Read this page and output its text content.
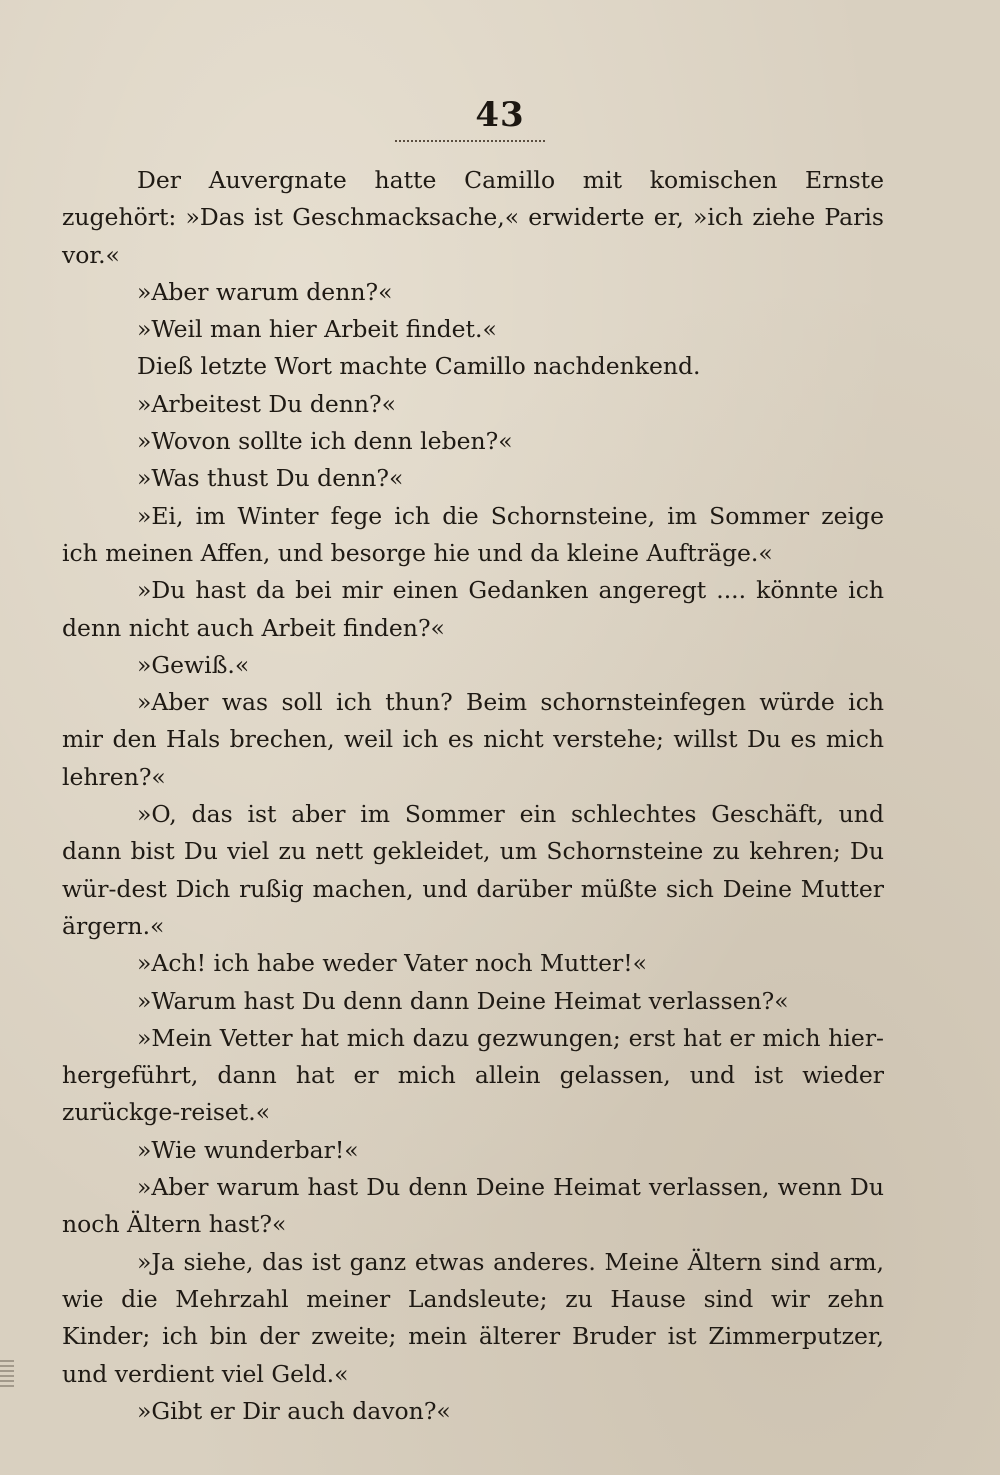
43

Der Auvergnate hatte Camillo mit komischen Ernste zugehört: »Das ist Geschmacksache,« erwiderte er, »ich ziehe Paris vor.«

»Aber warum denn?«

»Weil man hier Arbeit findet.«

Dieß letzte Wort machte Camillo nachdenkend.

»Arbeitest Du denn?«

»Wovon sollte ich denn leben?«

»Was thust Du denn?«

»Ei, im Winter fege ich die Schornsteine, im Sommer zeige ich meinen Affen, und besorge hie und da kleine Aufträge.«

»Du hast da bei mir einen Gedanken angeregt .... könnte ich denn nicht auch Arbeit finden?«

»Gewiß.«

»Aber was soll ich thun? Beim schornsteinfegen würde ich mir den Hals brechen, weil ich es nicht verstehe; willst Du es mich lehren?«

»O, das ist aber im Sommer ein schlechtes Geschäft, und dann bist Du viel zu nett gekleidet, um Schornsteine zu kehren; Du wür-dest Dich rußig machen, und darüber müßte sich Deine Mutter ärgern.«

»Ach! ich habe weder Vater noch Mutter!«

»Warum hast Du denn dann Deine Heimat verlassen?«

»Mein Vetter hat mich dazu gezwungen; erst hat er mich hier-hergeführt, dann hat er mich allein gelassen, und ist wieder zurückge-reiset.«

»Wie wunderbar!«

»Aber warum hast Du denn Deine Heimat verlassen, wenn Du noch Ältern hast?«

»Ja siehe, das ist ganz etwas anderes. Meine Ältern sind arm, wie die Mehrzahl meiner Landsleute; zu Hause sind wir zehn Kinder; ich bin der zweite; mein älterer Bruder ist Zimmerputzer, und verdient viel Geld.«

»Gibt er Dir auch davon?«
